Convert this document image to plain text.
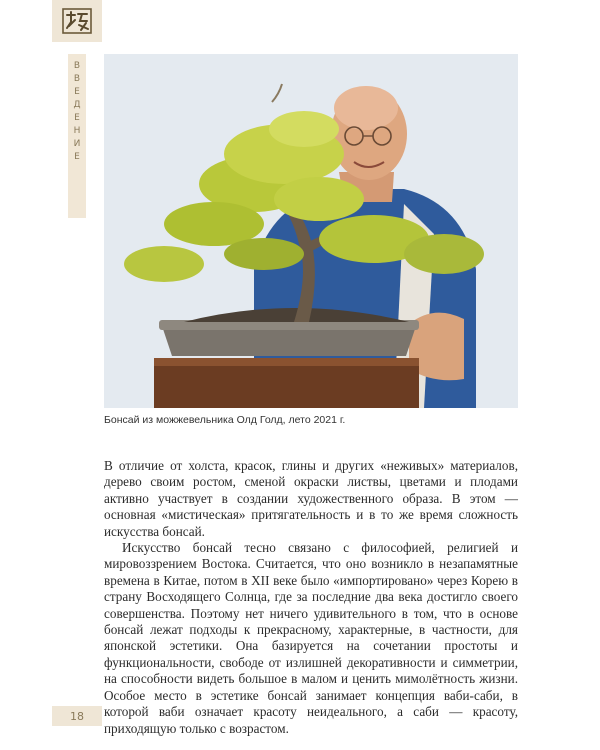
В
В
Е
Д
Е
Н
И
Е
Бонсай из можжевельника Олд Голд, лето 2021 г.

В отличие от холста, красок, глины и других «неживых» материалов, дерево своим ростом, сменой окраски листвы, цветами и плодами активно участвует в создании художественного образа. В этом — основная «мистическая» притягательность и в то же время сложность искусства бонсай.

Искусство бонсай тесно связано с философией, религией и мировоззрением Востока. Считается, что оно возникло в незапамятные времена в Китае, потом в XII веке было «импортировано» через Корею в страну Восходящего Солнца, где за последние два века достигло своего совершенства. Поэтому нет ничего удивительного в том, что в основе бонсай лежат подходы к прекрасному, характерные, в частности, для японской эстетики. Она базируется на сочетании простоты и функциональности, свободе от излишней декоративности и симметрии, на способности видеть большое в малом и ценить мимолётность жизни. Особое место в эстетике бонсай занимает концепция ваби-саби, в которой ваби означает красоту неидеального, а саби — красоту, приходящую только с возрастом.

18
